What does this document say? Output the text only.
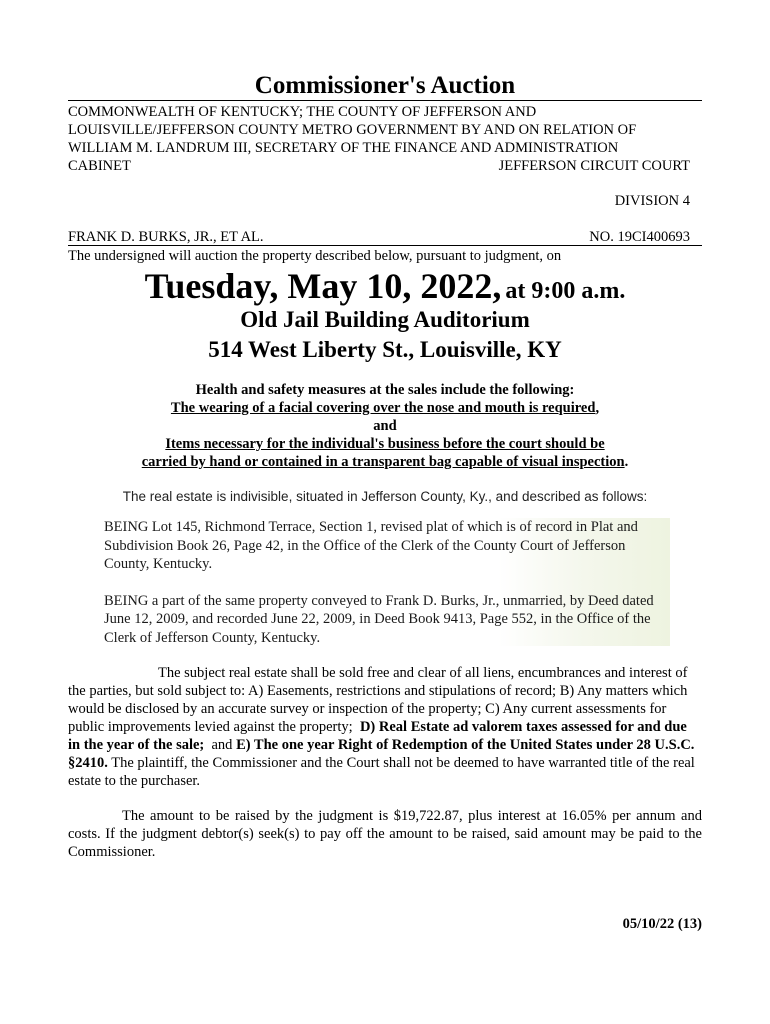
Commissioner's Auction
COMMONWEALTH OF KENTUCKY; THE COUNTY OF JEFFERSON AND
LOUISVILLE/JEFFERSON COUNTY METRO GOVERNMENT BY AND ON RELATION OF
WILLIAM M. LANDRUM III, SECRETARY OF THE FINANCE AND ADMINISTRATION
CABINET	JEFFERSON CIRCUIT COURT
DIVISION 4
FRANK D. BURKS, JR., ET AL.	NO. 19CI400693
The undersigned will auction the property described below, pursuant to judgment, on
Tuesday, May 10, 2022, at 9:00 a.m.
Old Jail Building Auditorium
514 West Liberty St., Louisville, KY
Health and safety measures at the sales include the following:
The wearing of a facial covering over the nose and mouth is required,
and
Items necessary for the individual's business before the court should be
carried by hand or contained in a transparent bag capable of visual inspection.
The real estate is indivisible, situated in Jefferson County, Ky., and described as follows:

BEING Lot 145, Richmond Terrace, Section 1, revised plat of which is of record in Plat and
Subdivision Book 26, Page 42, in the Office of the Clerk of the County Court of Jefferson
County, Kentucky.

BEING a part of the same property conveyed to Frank D. Burks, Jr., unmarried, by Deed dated
June 12, 2009, and recorded June 22, 2009, in Deed Book 9413, Page 552, in the Office of the
Clerk of Jefferson County, Kentucky.

The subject real estate shall be sold free and clear of all liens, encumbrances and interest of the parties, but sold subject to: A) Easements, restrictions and stipulations of record; B) Any matters which would be disclosed by an accurate survey or inspection of the property; C) Any current assessments for public improvements levied against the property; D) Real Estate ad valorem taxes assessed for and due in the year of the sale; and E) The one year Right of Redemption of the United States under 28 U.S.C. §2410. The plaintiff, the Commissioner and the Court shall not be deemed to have warranted title of the real estate to the purchaser.
The amount to be raised by the judgment is $19,722.87, plus interest at 16.05% per annum and costs. If the judgment debtor(s) seek(s) to pay off the amount to be raised, said amount may be paid to the Commissioner.
05/10/22 (13)
